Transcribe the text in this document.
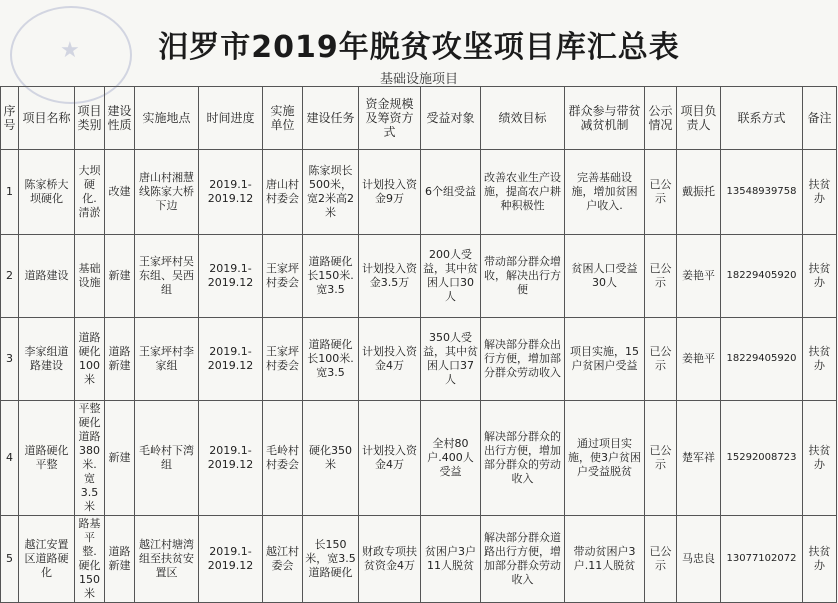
★	汨罗市2019年脱贫攻坚项目库汇总表
基础设施项目
序号	项目名称	项目类别	建设性质	实施地点	时间进度	实施单位	建设任务	资金规模及筹资方式	受益对象	绩效目标	群众参与带贫减贫机制	公示情况	项目负责人	联系方式	备注
1	陈家桥大坝硬化	大坝硬化.清淤	改建	唐山村湘慧线陈家大桥下边	2019.1-2019.12	唐山村村委会	陈家坝长500米，宽2米高2米	计划投入资金9万	6个组受益	改善农业生产设施，提高农户耕种积极性	完善基础设施，增加贫困户收入.	已公示	戴振托	13548939758	扶贫办
2	道路建设	基础设施	新建	王家坪村吴东组、吴西组	2019.1-2019.12	王家坪村委会	道路硬化长150米.宽3.5	计划投入资金3.5万	200人受益，其中贫困人口30人	带动部分群众增收，解决出行方便	贫困人口受益30人	已公示	姜艳平	18229405920	扶贫办
3	李家组道路建设	道路硬化100米	道路新建	王家坪村李家组	2019.1-2019.12	王家坪村委会	道路硬化长100米.宽3.5	计划投入资金4万	350人受益，其中贫困人口37人	解决部分群众出行方便，增加部分群众劳动收入	项目实施，15户贫困户受益	已公示	姜艳平	18229405920	扶贫办
4	道路硬化平整	平整硬化道路380米.宽3.5米	新建	毛岭村下湾组	2019.1-2019.12	毛岭村村委会	硬化350米	计划投入资金4万	全村80户.400人受益	解决部分群众的出行方便，增加部分群众的劳动收入	通过项目实施，使3户贫困户受益脱贫	已公示	楚军祥	15292008723	扶贫办
5	越江安置区道路硬化	路基平整.硬化150米	道路新建	越江村塘湾组至扶贫安置区	2019.1-2019.12	越江村委会	长150米，宽3.5道路硬化	财政专项扶贫资金4万	贫困户3户11人脱贫	解决部分群众道路出行方便，增加部分群众劳动收入	带动贫困户3户.11人脱贫	已公示	马忠良	13077102072	扶贫办
